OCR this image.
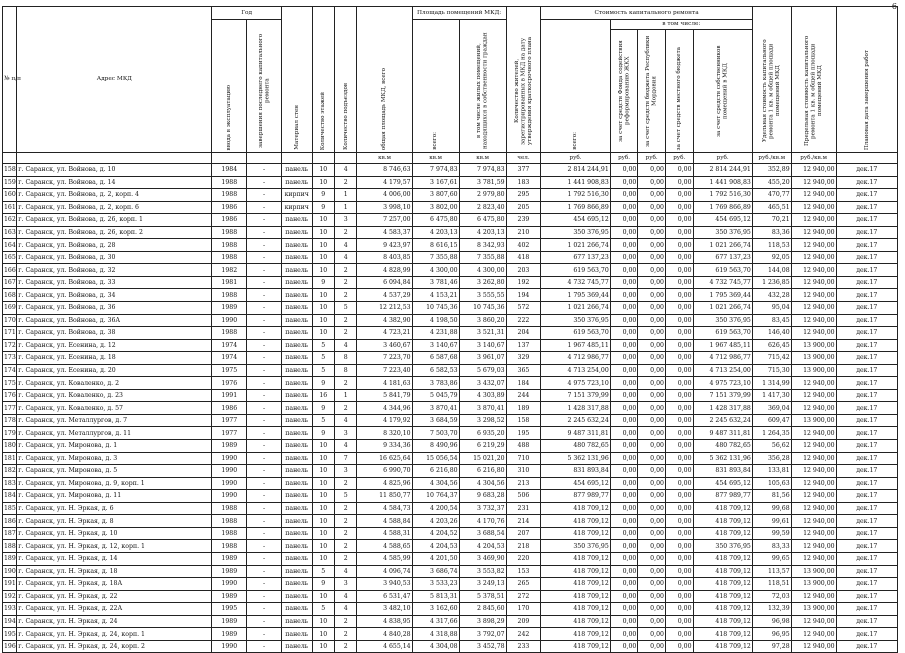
6
№ п/п	Адрес МКД	Год		Материал стен	Количество этажей	Количество подъездов	общая площадь МКД, всего	Площадь помещений МКД:		Количество жителей, зарегистрированных в МКД на дату утверждения краткосрочного плана	Стоимость капитального ремонта					Удельная стоимость капитального ремонта 1 кв. м общей площади помещений МКД	Предельная стоимость капитального ремонта 1 кв. м общей площади помещений МКД	Плановая дата завершения работ

		ввода в эксплуатацию	завершения последнего капитального ремонта					всего:	в том числе жилых помещений, находящихся в собственности граждан		всего:	в том числе:						

												за счет средств Фонда содействия реформированию ЖКХ	за счет средств бюджета Республики Мордовия	за счет средств местного бюджета	за счет средств собственников помещений в МКД			

							кв.м	кв.м	кв.м	чел.	руб.	руб.	руб.	руб.	руб.	руб./кв.м	руб./кв.м	
158	г. Саранск, ул. Войнова, д. 10	1984	-	панель	10	4	8 746,63	7 974,83	7 974,83	377	2 814 244,91	0,00	0,00	0,00	2 814 244,91	352,89	12 940,00	дек.17
159	г. Саранск, ул. Войнова, д. 14	1988	-	панель	10	2	4 179,57	3 167,61	3 781,59	183	1 441 908,83	0,00	0,00	0,00	1 441 908,83	455,20	12 940,00	дек.17
160	г. Саранск, ул. Войнова, д. 2, корп. 4	1988	-	кирпич	9	1	4 006,00	3 807,60	2 979,80	295	1 792 516,30	0,00	0,00	0,00	1 792 516,30	470,77	12 940,00	дек.17
161	г. Саранск, ул. Войнова, д. 2, корп. 6	1986	-	кирпич	9	1	3 998,10	3 802,00	2 823,40	205	1 769 866,89	0,00	0,00	0,00	1 769 866,89	465,51	12 940,00	дек.17
162	г. Саранск, ул. Войнова, д. 26, корп. 1	1986	-	панель	10	3	7 257,00	6 475,80	6 475,80	239	454 695,12	0,00	0,00	0,00	454 695,12	70,21	12 940,00	дек.17
163	г. Саранск, ул. Войнова, д. 26, корп. 2	1988	-	панель	10	2	4 583,37	4 203,13	4 203,13	210	350 376,95	0,00	0,00	0,00	350 376,95	83,36	12 940,00	дек.17
164	г. Саранск, ул. Войнова, д. 28	1988	-	панель	10	4	9 423,97	8 616,15	8 342,93	402	1 021 266,74	0,00	0,00	0,00	1 021 266,74	118,53	12 940,00	дек.17
165	г. Саранск, ул. Войнова, д. 30	1988	-	панель	10	4	8 403,85	7 355,88	7 355,88	418	677 137,23	0,00	0,00	0,00	677 137,23	92,05	12 940,00	дек.17
166	г. Саранск, ул. Войнова, д. 32	1982	-	панель	10	2	4 828,99	4 300,00	4 300,00	203	619 563,70	0,00	0,00	0,00	619 563,70	144,08	12 940,00	дек.17
167	г. Саранск, ул. Войнова, д. 33	1981	-	панель	9	2	6 094,84	3 781,46	3 262,80	192	4 732 745,77	0,00	0,00	0,00	4 732 745,77	1 236,85	12 940,00	дек.17
168	г. Саранск, ул. Войнова, д. 34	1988	-	панель	10	2	4 537,29	4 153,21	3 555,55	194	1 795 369,44	0,00	0,00	0,00	1 795 369,44	432,28	12 940,00	дек.17
169	г. Саранск, ул. Войнова, д. 36	1989	-	панель	10	5	12 212,53	10 745,36	10 745,36	572	1 021 266,74	0,00	0,00	0,00	1 021 266,74	95,04	12 940,00	дек.17
170	г. Саранск, ул. Войнова, д. 36А	1990	-	панель	10	2	4 382,90	4 198,50	3 860,20	222	350 376,95	0,00	0,00	0,00	350 376,95	83,45	12 940,00	дек.17
171	г. Саранск, ул. Войнова, д. 38	1988	-	панель	10	2	4 723,21	4 231,88	3 521,31	204	619 563,70	0,00	0,00	0,00	619 563,70	146,40	12 940,00	дек.17
172	г. Саранск, ул. Есенина, д. 12	1974	-	панель	5	4	3 460,67	3 140,67	3 140,67	137	1 967 485,11	0,00	0,00	0,00	1 967 485,11	626,45	13 900,00	дек.17
173	г. Саранск, ул. Есенина, д. 18	1974	-	панель	5	8	7 223,70	6 587,68	3 961,07	329	4 712 986,77	0,00	0,00	0,00	4 712 986,77	715,42	13 900,00	дек.17
174	г. Саранск, ул. Есенина, д. 20	1975	-	панель	5	8	7 223,40	6 582,53	5 679,03	365	4 713 254,00	0,00	0,00	0,00	4 713 254,00	715,30	13 900,00	дек.17
175	г. Саранск, ул. Коваленко, д. 2	1976	-	панель	9	2	4 181,63	3 783,86	3 432,07	184	4 975 723,10	0,00	0,00	0,00	4 975 723,10	1 314,99	12 940,00	дек.17
176	г. Саранск, ул. Коваленко, д. 23	1991	-	панель	16	1	5 841,79	5 045,79	4 303,89	244	7 151 379,99	0,00	0,00	0,00	7 151 379,99	1 417,30	12 940,00	дек.17
177	г. Саранск, ул. Коваленко, д. 57	1986	-	панель	9	2	4 344,96	3 870,41	3 870,41	189	1 428 317,88	0,00	0,00	0,00	1 428 317,88	369,04	12 940,00	дек.17
178	г. Саранск, ул. Металлургов, д. 7	1977	-	панель	5	4	4 179,92	3 684,59	3 298,52	158	2 245 632,24	0,00	0,00	0,00	2 245 632,24	609,47	13 900,00	дек.17
179	г. Саранск, ул. Металлургов, д. 11	1977	-	панель	9	3	8 320,10	7 503,70	6 935,20	195	9 487 311,81	0,00	0,00	0,00	9 487 311,81	1 264,35	12 940,00	дек.17
180	г. Саранск, ул. Миронова, д. 1	1989	-	панель	10	4	9 334,36	8 490,96	6 219,29	488	480 782,65	0,00	0,00	0,00	480 782,65	56,62	12 940,00	дек.17
181	г. Саранск, ул. Миронова, д. 3	1990	-	панель	10	7	16 625,64	15 056,54	15 021,20	710	5 362 131,96	0,00	0,00	0,00	5 362 131,96	356,28	12 940,00	дек.17
182	г. Саранск, ул. Миронова, д. 5	1990	-	панель	10	3	6 990,70	6 216,80	6 216,80	310	831 893,84	0,00	0,00	0,00	831 893,84	133,81	12 940,00	дек.17
183	г. Саранск, ул. Миронова, д. 9, корп. 1	1990	-	панель	10	2	4 825,96	4 304,56	4 304,56	213	454 695,12	0,00	0,00	0,00	454 695,12	105,63	12 940,00	дек.17
184	г. Саранск, ул. Миронова, д. 11	1990	-	панель	10	5	11 850,77	10 764,37	9 683,28	506	877 989,77	0,00	0,00	0,00	877 989,77	81,56	12 940,00	дек.17
185	г. Саранск, ул. Н. Эркая, д. 6	1988	-	панель	10	2	4 584,73	4 200,54	3 732,37	231	418 709,12	0,00	0,00	0,00	418 709,12	99,68	12 940,00	дек.17
186	г. Саранск, ул. Н. Эркая, д. 8	1988	-	панель	10	2	4 588,84	4 203,26	4 170,76	214	418 709,12	0,00	0,00	0,00	418 709,12	99,61	12 940,00	дек.17
187	г. Саранск, ул. Н. Эркая, д. 10	1988	-	панель	10	2	4 588,31	4 204,52	3 688,54	207	418 709,12	0,00	0,00	0,00	418 709,12	99,59	12 940,00	дек.17
188	г. Саранск, ул. Н. Эркая, д. 12, корп. 1	1988	-	панель	10	2	4 588,65	4 204,53	4 204,53	218	350 376,95	0,00	0,00	0,00	350 376,95	83,33	12 940,00	дек.17
189	г. Саранск, ул. Н. Эркая, д. 14	1989	-	панель	10	2	4 585,99	4 201,50	3 469,90	220	418 709,12	0,00	0,00	0,00	418 709,12	99,65	12 940,00	дек.17
190	г. Саранск, ул. Н. Эркая, д. 18	1989	-	панель	5	4	4 096,74	3 686,74	3 553,82	153	418 709,12	0,00	0,00	0,00	418 709,12	113,57	13 900,00	дек.17
191	г. Саранск, ул. Н. Эркая, д. 18А	1990	-	панель	9	3	3 940,53	3 533,23	3 249,13	265	418 709,12	0,00	0,00	0,00	418 709,12	118,51	13 900,00	дек.17
192	г. Саранск, ул. Н. Эркая, д. 22	1989	-	панель	10	4	6 531,47	5 813,31	5 378,51	272	418 709,12	0,00	0,00	0,00	418 709,12	72,03	12 940,00	дек.17
193	г. Саранск, ул. Н. Эркая, д. 22А	1995	-	панель	5	4	3 482,10	3 162,60	2 845,60	170	418 709,12	0,00	0,00	0,00	418 709,12	132,39	13 900,00	дек.17
194	г. Саранск, ул. Н. Эркая, д. 24	1989	-	панель	10	2	4 838,95	4 317,66	3 898,29	209	418 709,12	0,00	0,00	0,00	418 709,12	96,98	12 940,00	дек.17
195	г. Саранск, ул. Н. Эркая, д. 24, корп. 1	1989	-	панель	10	2	4 840,28	4 318,88	3 792,07	242	418 709,12	0,00	0,00	0,00	418 709,12	96,95	12 940,00	дек.17
196	г. Саранск, ул. Н. Эркая, д. 24, корп. 2	1990	-	панель	10	2	4 655,14	4 304,08	3 452,78	233	418 709,12	0,00	0,00	0,00	418 709,12	97,28	12 940,00	дек.17
